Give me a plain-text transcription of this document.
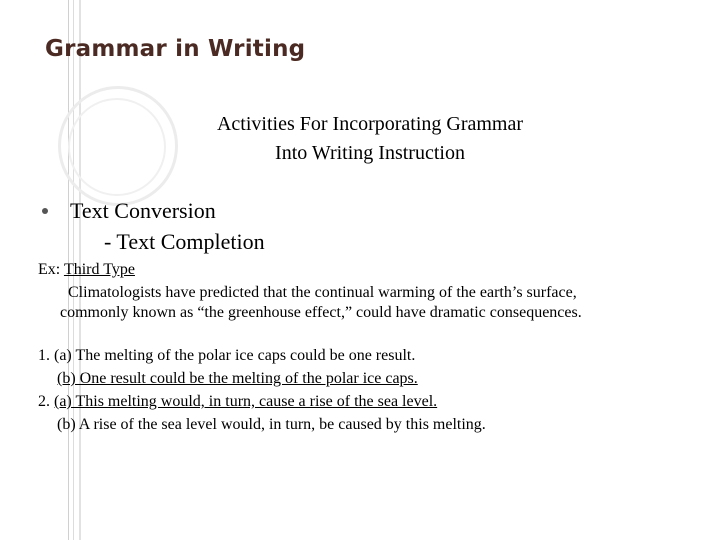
Grammar in Writing
Activities For Incorporating Grammar
Into Writing Instruction
Text Conversion
- Text Completion
Ex: Third Type
Climatologists have predicted that the continual warming of the earth’s surface,
commonly known as “the greenhouse effect,” could have dramatic consequences.
1. (a) The melting of the polar ice caps could be one result.
(b) One result could be the melting of the polar ice caps.
2. (a) This melting would, in turn, cause a rise of the sea level.
(b) A rise of the sea level would, in turn, be caused by this melting.
